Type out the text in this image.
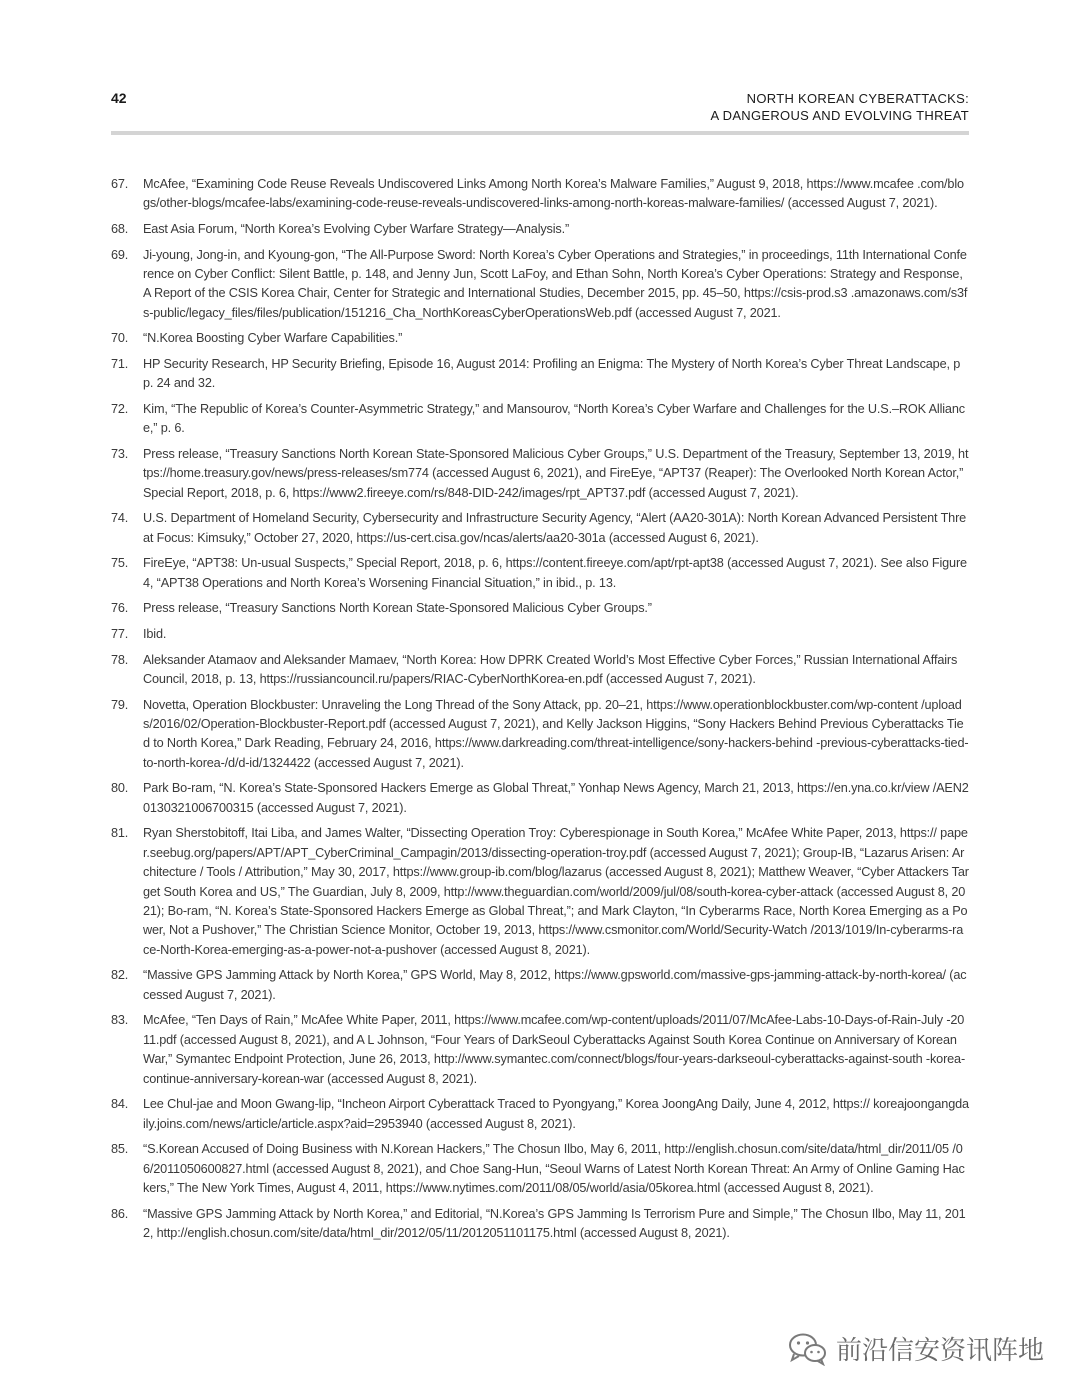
42	NORTH KOREAN CYBERATTACKS:
A DANGEROUS AND EVOLVING THREAT
67.	McAfee, “Examining Code Reuse Reveals Undiscovered Links Among North Korea’s Malware Families,” August 9, 2018, https://www.mcafee .com/blogs/other-blogs/mcafee-labs/examining-code-reuse-reveals-undiscovered-links-among-north-koreas-malware-families/ (accessed August 7, 2021).
68.	East Asia Forum, “North Korea’s Evolving Cyber Warfare Strategy—Analysis.”
69.	Ji-young, Jong-in, and Kyoung-gon, “The All-Purpose Sword: North Korea’s Cyber Operations and Strategies,” in proceedings, 11th International Conference on Cyber Conflict: Silent Battle, p. 148, and Jenny Jun, Scott LaFoy, and Ethan Sohn, North Korea’s Cyber Operations: Strategy and Response, A Report of the CSIS Korea Chair, Center for Strategic and International Studies, December 2015, pp. 45–50, https://csis-prod.s3 .amazonaws.com/s3fs-public/legacy_files/files/publication/151216_Cha_NorthKoreasCyberOperationsWeb.pdf (accessed August 7, 2021.
70.	“N.Korea Boosting Cyber Warfare Capabilities.”
71.	HP Security Research, HP Security Briefing, Episode 16, August 2014: Profiling an Enigma: The Mystery of North Korea’s Cyber Threat Landscape, pp. 24 and 32.
72.	Kim, “The Republic of Korea’s Counter-Asymmetric Strategy,” and Mansourov, “North Korea’s Cyber Warfare and Challenges for the U.S.–ROK Alliance,” p. 6.
73.	Press release, “Treasury Sanctions North Korean State-Sponsored Malicious Cyber Groups,” U.S. Department of the Treasury, September 13, 2019, https://home.treasury.gov/news/press-releases/sm774 (accessed August 6, 2021), and FireEye, “APT37 (Reaper): The Overlooked North Korean Actor,” Special Report, 2018, p. 6, https://www2.fireeye.com/rs/848-DID-242/images/rpt_APT37.pdf (accessed August 7, 2021).
74.	U.S. Department of Homeland Security, Cybersecurity and Infrastructure Security Agency, “Alert (AA20-301A): North Korean Advanced Persistent Threat Focus: Kimsuky,” October 27, 2020, https://us-cert.cisa.gov/ncas/alerts/aa20-301a (accessed August 6, 2021).
75.	FireEye, “APT38: Un-usual Suspects,” Special Report, 2018, p. 6, https://content.fireeye.com/apt/rpt-apt38 (accessed August 7, 2021). See also Figure 4, “APT38 Operations and North Korea’s Worsening Financial Situation,” in ibid., p. 13.
76.	Press release, “Treasury Sanctions North Korean State-Sponsored Malicious Cyber Groups.”
77.	Ibid.
78.	Aleksander Atamaov and Aleksander Mamaev, “North Korea: How DPRK Created World’s Most Effective Cyber Forces,” Russian International Affairs Council, 2018, p. 13, https://russiancouncil.ru/papers/RIAC-CyberNorthKorea-en.pdf (accessed August 7, 2021).
79.	Novetta, Operation Blockbuster: Unraveling the Long Thread of the Sony Attack, pp. 20–21, https://www.operationblockbuster.com/wp-content /uploads/2016/02/Operation-Blockbuster-Report.pdf (accessed August 7, 2021), and Kelly Jackson Higgins, “Sony Hackers Behind Previous Cyberattacks Tied to North Korea,” Dark Reading, February 24, 2016, https://www.darkreading.com/threat-intelligence/sony-hackers-behind -previous-cyberattacks-tied-to-north-korea-/d/d-id/1324422 (accessed August 7, 2021).
80.	Park Bo-ram, “N. Korea’s State-Sponsored Hackers Emerge as Global Threat,” Yonhap News Agency, March 21, 2013, https://en.yna.co.kr/view /AEN20130321006700315 (accessed August 7, 2021).
81.	Ryan Sherstobitoff, Itai Liba, and James Walter, “Dissecting Operation Troy: Cyberespionage in South Korea,” McAfee White Paper, 2013, https:// paper.seebug.org/papers/APT/APT_CyberCriminal_Campagin/2013/dissecting-operation-troy.pdf (accessed August 7, 2021); Group-IB, “Lazarus Arisen: Architecture / Tools / Attribution,” May 30, 2017, https://www.group-ib.com/blog/lazarus (accessed August 8, 2021); Matthew Weaver, “Cyber Attackers Target South Korea and US,” The Guardian, July 8, 2009, http://www.theguardian.com/world/2009/jul/08/south-korea-cyber-attack (accessed August 8, 2021); Bo-ram, “N. Korea’s State-Sponsored Hackers Emerge as Global Threat,”; and Mark Clayton, “In Cyberarms Race, North Korea Emerging as a Power, Not a Pushover,” The Christian Science Monitor, October 19, 2013, https://www.csmonitor.com/World/Security-Watch /2013/1019/In-cyberarms-race-North-Korea-emerging-as-a-power-not-a-pushover (accessed August 8, 2021).
82.	“Massive GPS Jamming Attack by North Korea,” GPS World, May 8, 2012, https://www.gpsworld.com/massive-gps-jamming-attack-by-north-korea/ (accessed August 7, 2021).
83.	McAfee, “Ten Days of Rain,” McAfee White Paper, 2011, https://www.mcafee.com/wp-content/uploads/2011/07/McAfee-Labs-10-Days-of-Rain-July -2011.pdf (accessed August 8, 2021), and A L Johnson, “Four Years of DarkSeoul Cyberattacks Against South Korea Continue on Anniversary of Korean War,” Symantec Endpoint Protection, June 26, 2013, http://www.symantec.com/connect/blogs/four-years-darkseoul-cyberattacks-against-south -korea-continue-anniversary-korean-war (accessed August 8, 2021).
84.	Lee Chul-jae and Moon Gwang-lip, “Incheon Airport Cyberattack Traced to Pyongyang,” Korea JoongAng Daily, June 4, 2012, https:// koreajoongangdaily.joins.com/news/article/article.aspx?aid=2953940 (accessed August 8, 2021).
85.	“S.Korean Accused of Doing Business with N.Korean Hackers,” The Chosun Ilbo, May 6, 2011, http://english.chosun.com/site/data/html_dir/2011/05 /06/2011050600827.html (accessed August 8, 2021), and Choe Sang-Hun, “Seoul Warns of Latest North Korean Threat: An Army of Online Gaming Hackers,” The New York Times, August 4, 2011, https://www.nytimes.com/2011/08/05/world/asia/05korea.html (accessed August 8, 2021).
86.	“Massive GPS Jamming Attack by North Korea,” and Editorial, “N.Korea’s GPS Jamming Is Terrorism Pure and Simple,” The Chosun Ilbo, May 11, 2012, http://english.chosun.com/site/data/html_dir/2012/05/11/2012051101175.html (accessed August 8, 2021).
前沿信安资讯阵地
